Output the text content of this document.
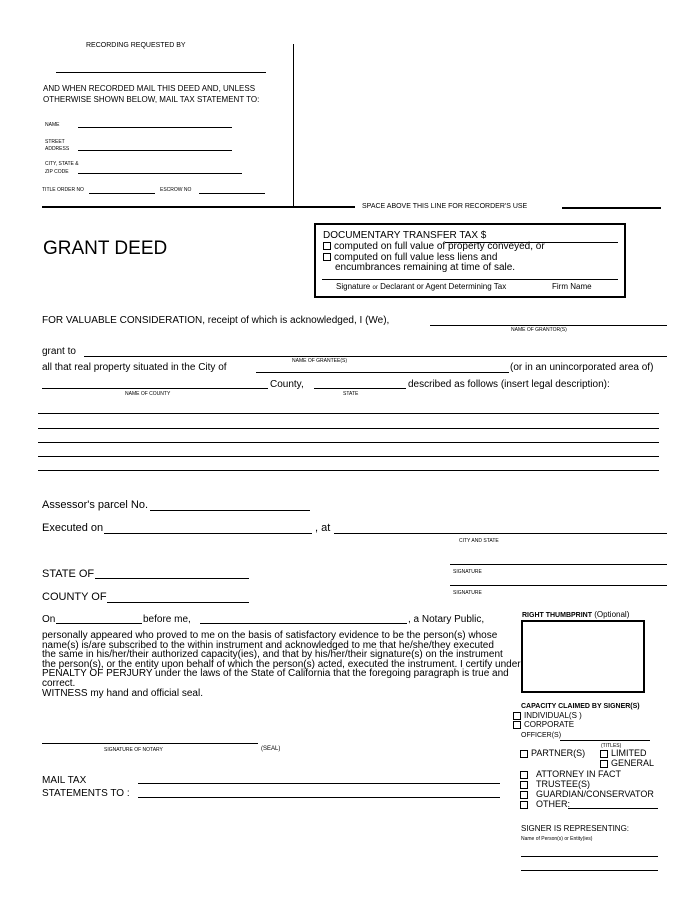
RECORDING REQUESTED BY
AND WHEN RECORDED MAIL THIS DEED AND, UNLESS
OTHERWISE SHOWN BELOW, MAIL TAX STATEMENT TO:
NAME
STREET
ADDRESS
CITY, STATE &
ZIP CODE
TITLE ORDER NO	ESCROW NO
SPACE ABOVE THIS LINE FOR RECORDER'S USE
GRANT DEED
DOCUMENTARY TRANSFER TAX $
computed on full value of property conveyed, or
computed on full value less liens and
encumbrances remaining at time of sale.
Signature or Declarant or Agent Determining Tax	Firm Name
FOR VALUABLE CONSIDERATION, receipt of which is acknowledged, I (We),
NAME OF GRANTOR(S)
grant to
NAME OF GRANTEE(S)
all that real property situated in the City of	(or in an unincorporated area of)
County,	described as follows (insert legal description):
NAME OF COUNTY	STATE
Assessor's parcel No.
Executed on	, at
CITY AND STATE
STATE OF	SIGNATURE
SIGNATURE
COUNTY OF
On	before me,	, a Notary Public,
personally appeared who proved to me on the basis of satisfactory evidence to be the person(s) whose
name(s) is/are subscribed to the within instrument and acknowledged to me that he/she/they executed
the same in his/her/their authorized capacity(ies), and that by his/her/their signature(s) on the instrument
the person(s), or the entity upon behalf of which the person(s) acted, executed the instrument. I certify under
PENALTY OF PERJURY under the laws of the State of California that the foregoing paragraph is true and
correct.
WITNESS my hand and official seal.
SIGNATURE OF NOTARY	(SEAL)
MAIL TAX
STATEMENTS TO :
RIGHT THUMBPRINT (Optional)
CAPACITY CLAIMED BY SIGNER(S)
INDIVIDUAL(S )
CORPORATE
OFFICER(S)
(TITLES)
PARTNER(S)	LIMITED
GENERAL
ATTORNEY IN FACT
TRUSTEE(S)
GUARDIAN/CONSERVATOR
OTHER:
SIGNER IS REPRESENTING:
Name of Person(s) or Entity(ies)
